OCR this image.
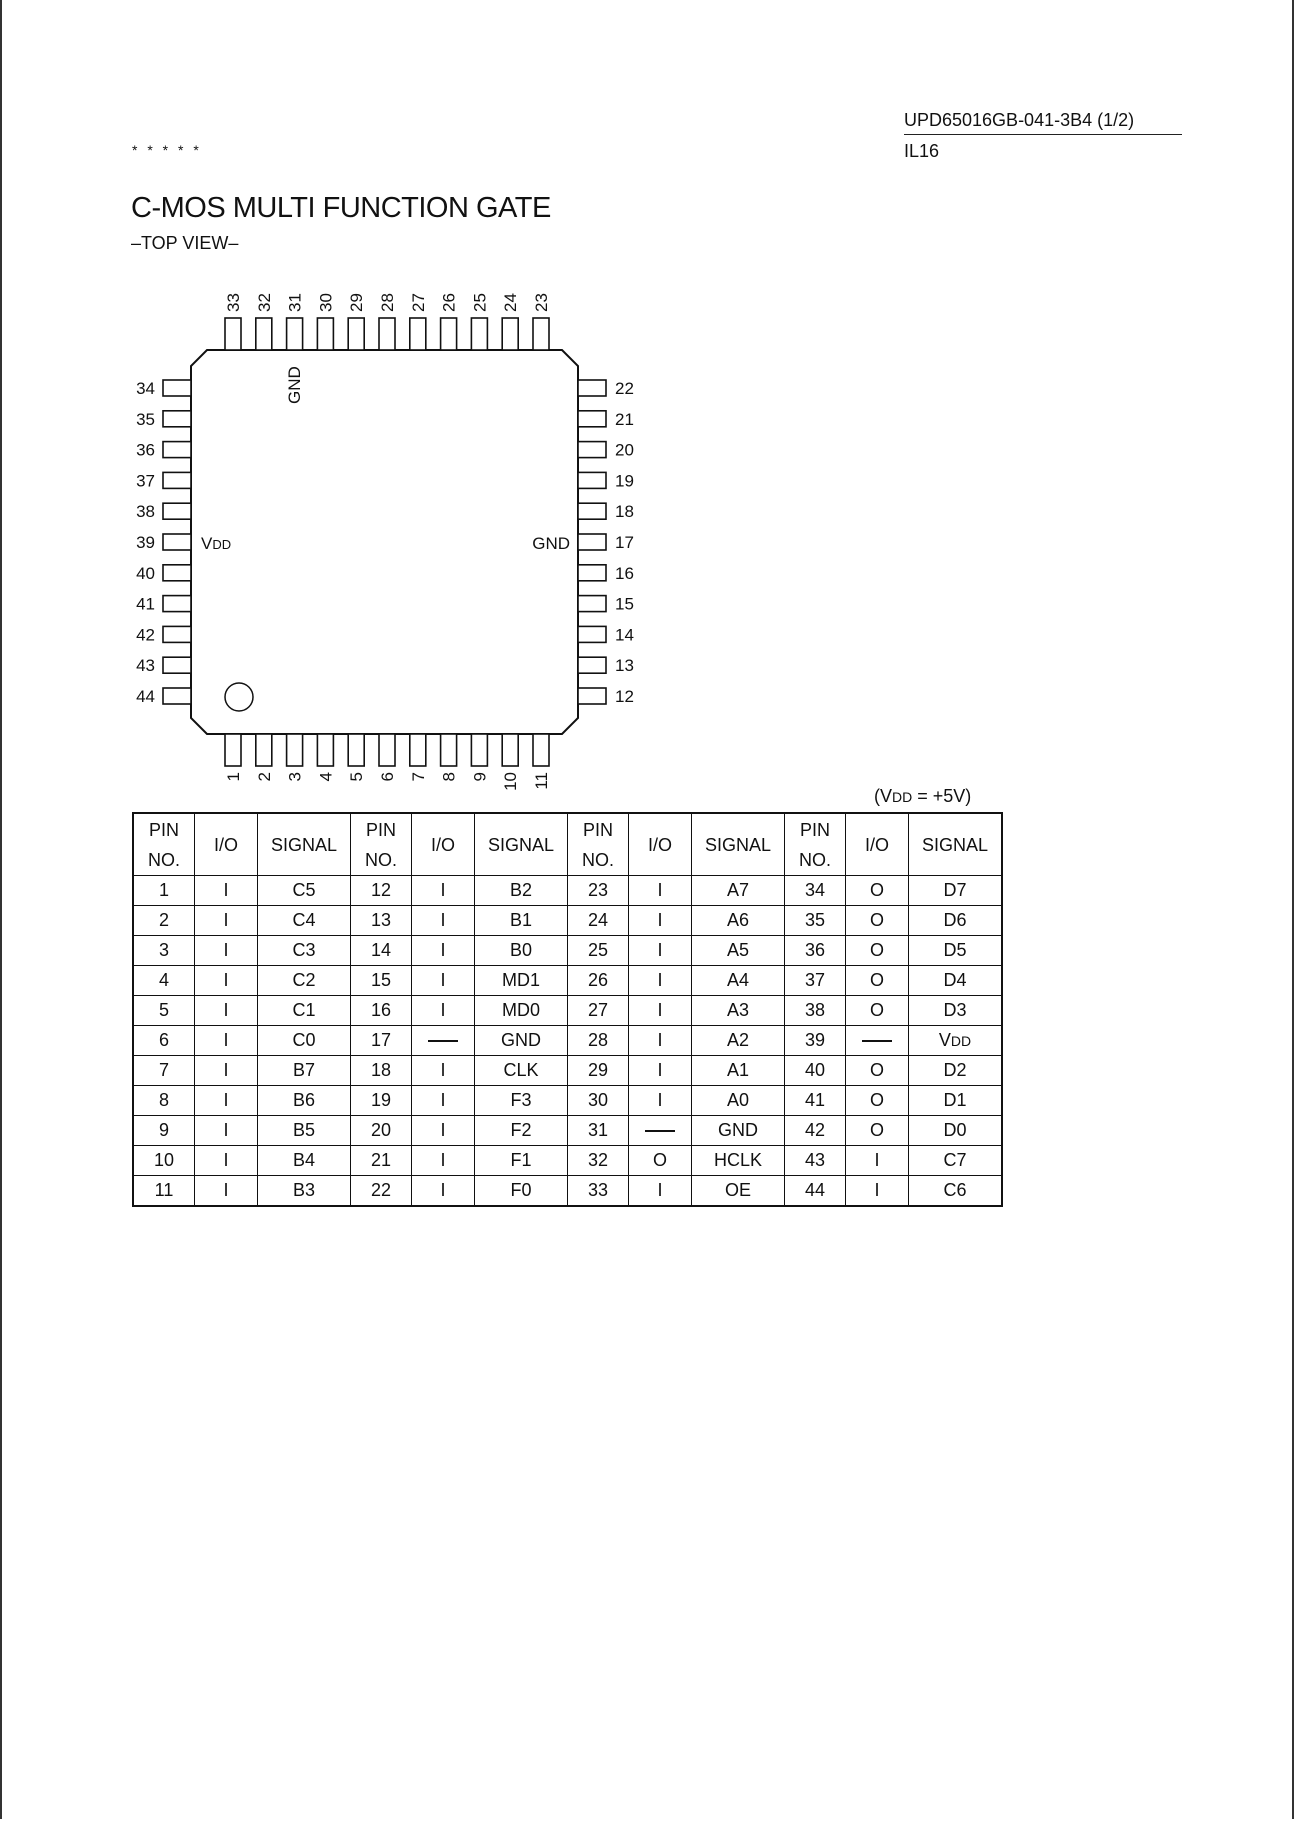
UPD65016GB-041-3B4 (1/2)
IL16
* * * * *
C-MOS MULTI FUNCTION GATE
–TOP VIEW–
33 32 31 30 29 28 27 26 25 24 23
1 2 3 4 5 6 7 8 9 10 11
34
35
36
37
38
39
40
41
42
43
44
22
21
20
19
18
17
16
15
14
13
12
GND
VDD	GND
(VDD = +5V)
PIN
NO.	I/O	SIGNAL	PIN
NO.	I/O	SIGNAL	PIN
NO.	I/O	SIGNAL	PIN
NO.	I/O	SIGNAL
1	I	C5	12	I	B2	23	I	A7	34	O	D7
2	I	C4	13	I	B1	24	I	A6	35	O	D6
3	I	C3	14	I	B0	25	I	A5	36	O	D5
4	I	C2	15	I	MD1	26	I	A4	37	O	D4
5	I	C1	16	I	MD0	27	I	A3	38	O	D3
6	I	C0	17		GND	28	I	A2	39		VDD
7	I	B7	18	I	CLK	29	I	A1	40	O	D2
8	I	B6	19	I	F3	30	I	A0	41	O	D1
9	I	B5	20	I	F2	31		GND	42	O	D0
10	I	B4	21	I	F1	32	O	HCLK	43	I	C7
11	I	B3	22	I	F0	33	I	OE	44	I	C6
